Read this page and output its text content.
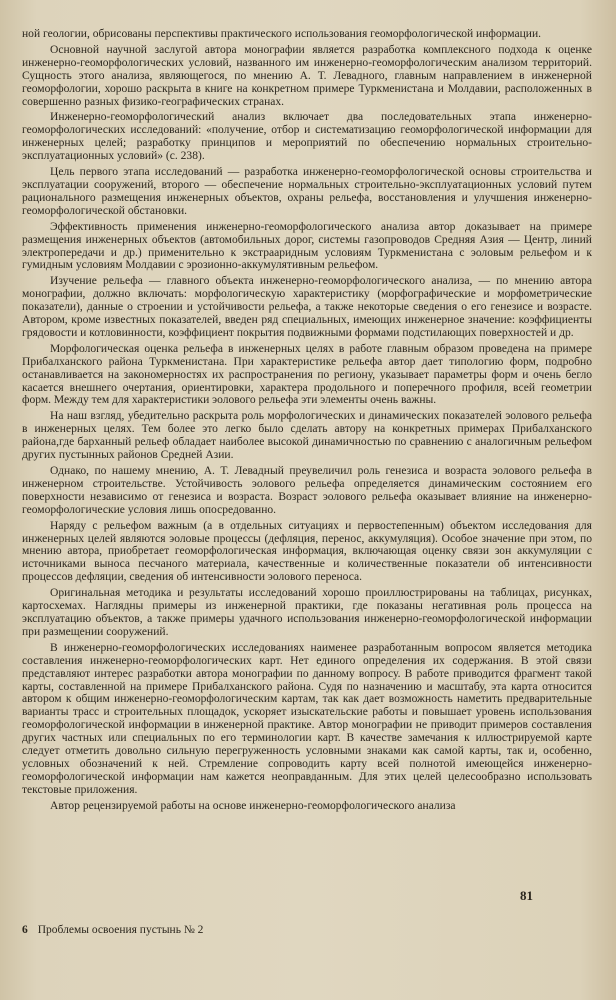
ной геологии, обрисованы перспективы практического использования геоморфологической информации.

Основной научной заслугой автора монографии является разработка комплексного подхода к оценке инженерно-геоморфологических условий, названного им инженерно-геоморфологическим анализом территорий. Сущность этого анализа, являющегося, по мнению А. Т. Левадного, главным направлением в инженерной геоморфологии, хорошо раскрыта в книге на конкретном примере Туркменистана и Молдавии, расположенных в совершенно разных физико-географических странах.

Инженерно-геоморфологический анализ включает два последовательных этапа инженерно-геоморфологических исследований: «получение, отбор и систематизацию геоморфологической информации для инженерных целей; разработку принципов и мероприятий по обеспечению нормальных строительно-эксплуатационных условий» (с. 238).

Цель первого этапа исследований — разработка инженерно-геоморфологической основы строительства и эксплуатации сооружений, второго — обеспечение нормальных строительно-эксплуатационных условий путем рационального размещения инженерных объектов, охраны рельефа, восстановления и улучшения инженерно-геоморфологической обстановки.

Эффективность применения инженерно-геоморфологического анализа автор доказывает на примере размещения инженерных объектов (автомобильных дорог, системы газопроводов Средняя Азия — Центр, линий электропередачи и др.) применительно к экстрааридным условиям Туркменистана с эоловым рельефом и к гумидным условиям Молдавии с эрозионно-аккумулятивным рельефом.

Изучение рельефа — главного объекта инженерно-геоморфологического анализа, — по мнению автора монографии, должно включать: морфологическую характеристику (морфографические и морфометрические показатели), данные о строении и устойчивости рельефа, а также некоторые сведения о его генезисе и возрасте. Автором, кроме известных показателей, введен ряд специальных, имеющих инженерное значение: коэффициенты грядовости и котловинности, коэффициент покрытия подвижными формами подстилающих поверхностей и др.

Морфологическая оценка рельефа в инженерных целях в работе главным образом проведена на примере Прибалханского района Туркменистана. При характеристике рельефа автор дает типологию форм, подробно останавливается на закономерностях их распространения по региону, указывает параметры форм и очень бегло касается внешнего очертания, ориентировки, характера продольного и поперечного профиля, всей геометрии форм. Между тем для характеристики эолового рельефа эти элементы очень важны.

На наш взгляд, убедительно раскрыта роль морфологических и динамических показателей эолового рельефа в инженерных целях. Тем более это легко было сделать автору на конкретных примерах Прибалханского района,где барханный рельеф обладает наиболее высокой динамичностью по сравнению с аналогичным рельефом других пустынных районов Средней Азии.

Однако, по нашему мнению, А. Т. Левадный преувеличил роль генезиса и возраста эолового рельефа в инженерном строительстве. Устойчивость эолового рельефа определяется динамическим состоянием его поверхности независимо от генезиса и возраста. Возраст эолового рельефа оказывает влияние на инженерно-геоморфологические условия лишь опосредованно.

Наряду с рельефом важным (а в отдельных ситуациях и первостепенным) объектом исследования для инженерных целей являются эоловые процессы (дефляция, перенос, аккумуляция). Особое значение при этом, по мнению автора, приобретает геоморфологическая информация, включающая оценку связи зон аккумуляции с источниками выноса песчаного материала, качественные и количественные показатели об интенсивности процессов дефляции, сведения об интенсивности эолового переноса.

Оригинальная методика и результаты исследований хорошо проиллюстрированы на таблицах, рисунках, картосхемах. Наглядны примеры из инженерной практики, где показаны негативная роль процесса на эксплуатацию объектов, а также примеры удачного использования инженерно-геоморфологической информации при размещении сооружений.

В инженерно-геоморфологических исследованиях наименее разработанным вопросом является методика составления инженерно-геоморфологических карт. Нет единого определения их содержания. В этой связи представляют интерес разработки автора монографии по данному вопросу. В работе приводится фрагмент такой карты, составленной на примере Прибалханского района. Судя по назначению и масштабу, эта карта относится автором к общим инженерно-геоморфологическим картам, так как дает возможность наметить предварительные варианты трасс и строительных площадок, ускоряет изыскательские работы и повышает уровень использования геоморфологической информации в инженерной практике. Автор монографии не приводит примеров составления других частных или специальных по его терминологии карт. В качестве замечания к иллюстрируемой карте следует отметить довольно сильную перегруженность условными знаками как самой карты, так и, особенно, условных обозначений к ней. Стремление сопроводить карту всей полнотой имеющейся инженерно-геоморфологической информации нам кажется неоправданным. Для этих целей целесообразно использовать текстовые приложения.

Автор рецензируемой работы на основе инженерно-геоморфологического анализа

81
6 Проблемы освоения пустынь № 2
